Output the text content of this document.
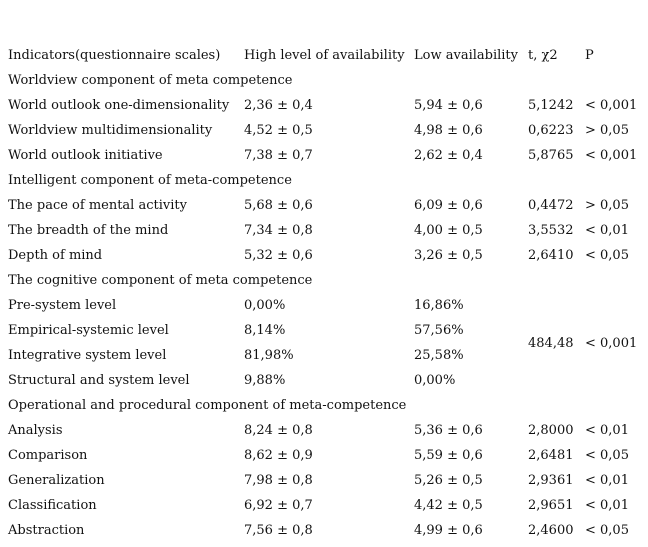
Indicators(questionnaire scales)	High level of availability	Low availability	t, χ2	P
Worldview component of meta competence				
World outlook one-dimensionality	2,36 ± 0,4	5,94 ± 0,6	5,1242	< 0,001
Worldview multidimensionality	4,52 ± 0,5	4,98 ± 0,6	0,6223	> 0,05
World outlook initiative	7,38 ± 0,7	2,62 ± 0,4	5,8765	< 0,001
Intelligent component of meta-competence				
The pace of mental activity	5,68 ± 0,6	6,09 ± 0,6	0,4472	> 0,05
The breadth of the mind	7,34 ± 0,8	4,00 ± 0,5	3,5532	< 0,01
Depth of mind	5,32 ± 0,6	3,26 ± 0,5	2,6410	< 0,05
The cognitive component of meta competence				
Pre-system level	0,00%	16,86%	484,48	< 0,001
Empirical-systemic level	8,14%	57,56%		
Integrative system level	81,98%	25,58%		
Structural and system level	9,88%	0,00%		
Operational and procedural component of meta-competence				
Analysis	8,24 ± 0,8	5,36 ± 0,6	2,8000	< 0,01
Comparison	8,62 ± 0,9	5,59 ± 0,6	2,6481	< 0,05
Generalization	7,98 ± 0,8	5,26 ± 0,5	2,9361	< 0,01
Classification	6,92 ± 0,7	4,42 ± 0,5	2,9651	< 0,01
Abstraction	7,56 ± 0,8	4,99 ± 0,6	2,4600	< 0,05
